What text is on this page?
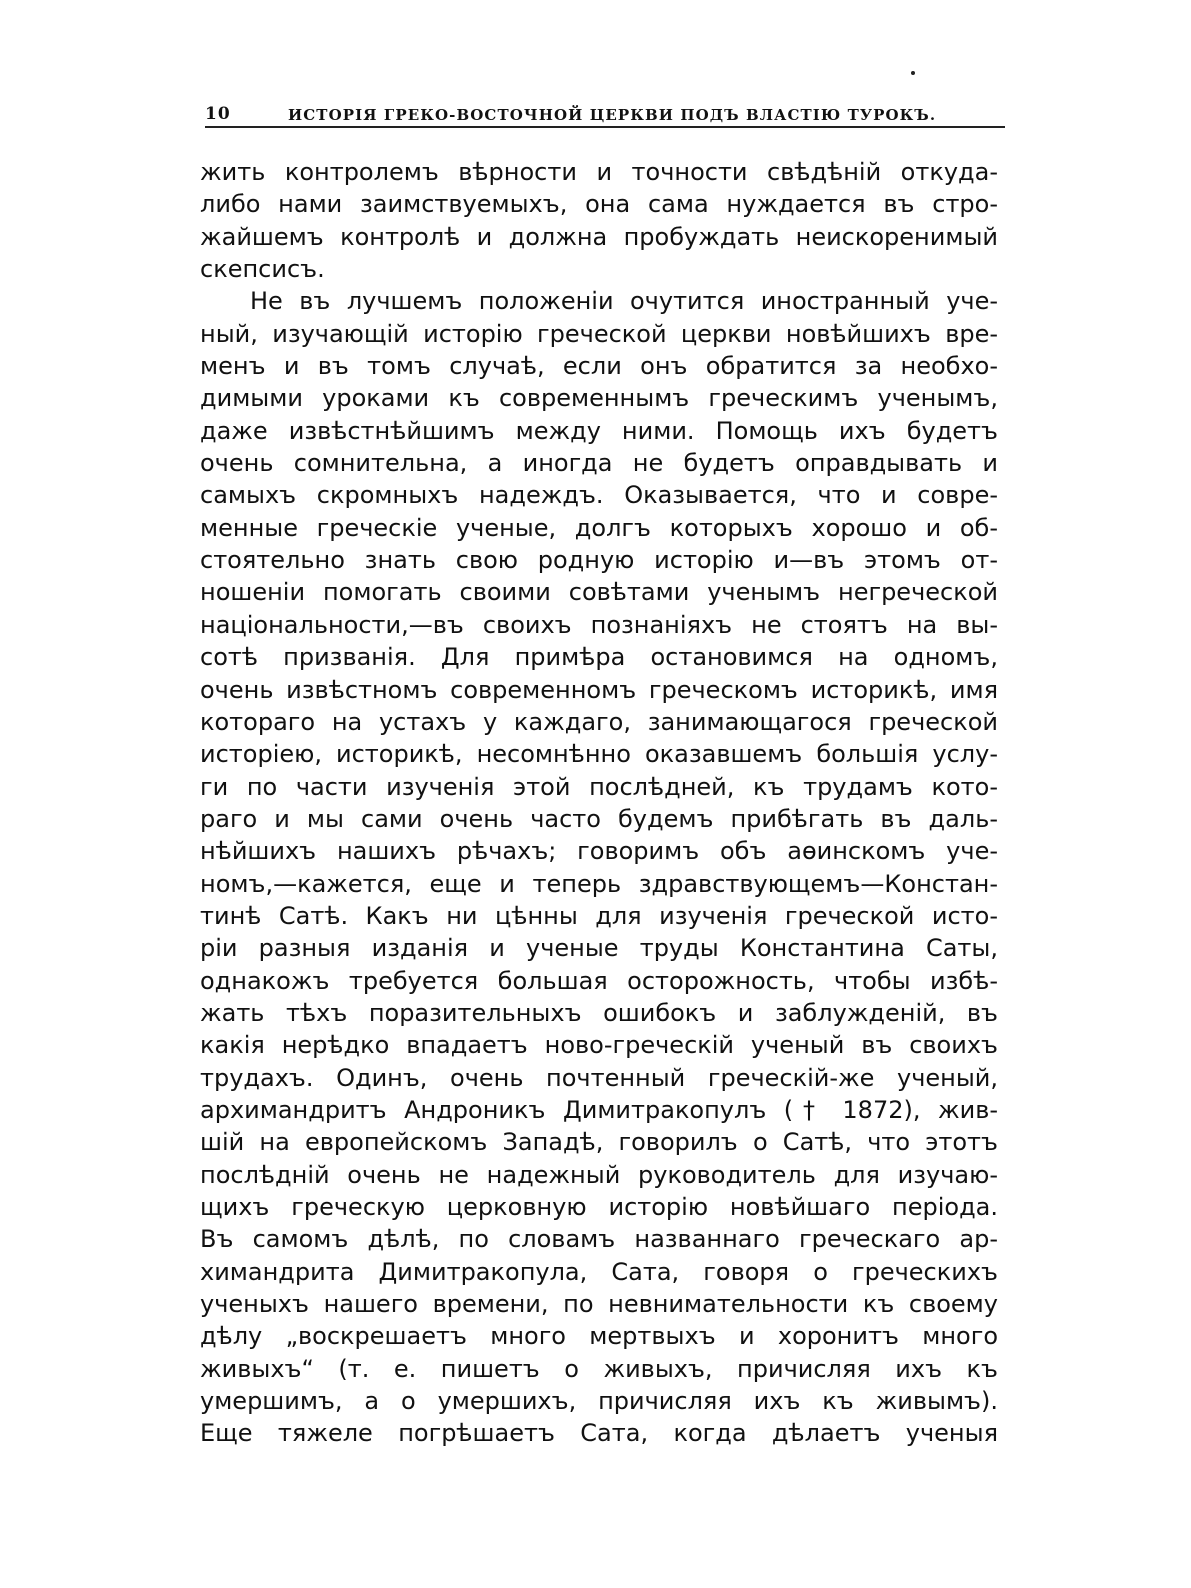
10	ИСТОРІЯ ГРЕКО-ВОСТОЧНОЙ ЦЕРКВИ ПОДЪ ВЛАСТІЮ ТУРОКЪ.
жить контролемъ вѣрности и точности свѣдѣній откуда-
либо нами заимствуемыхъ, она сама нуждается въ стро-
жайшемъ контролѣ и должна пробуждать неискоренимый
скепсисъ.
Не въ лучшемъ положеніи очутится иностранный уче-
ный, изучающій исторію греческой церкви новѣйшихъ вре-
менъ и въ томъ случаѣ, если онъ обратится за необхо-
димыми уроками къ современнымъ греческимъ ученымъ,
даже извѣстнѣйшимъ между ними. Помощь ихъ будетъ
очень сомнительна, а иногда не будетъ оправдывать и
самыхъ скромныхъ надеждъ. Оказывается, что и совре-
менные греческіе ученые, долгъ которыхъ хорошо и об-
стоятельно знать свою родную исторію и—въ этомъ от-
ношеніи помогать своими совѣтами ученымъ негреческой
національности,—въ своихъ познаніяхъ не стоятъ на вы-
сотѣ призванія. Для примѣра остановимся на одномъ,
очень извѣстномъ современномъ греческомъ историкѣ, имя
котораго на устахъ у каждаго, занимающагося греческой
исторіею, историкѣ, несомнѣнно оказавшемъ большія услу-
ги по части изученія этой послѣдней, къ трудамъ кото-
раго и мы сами очень часто будемъ прибѣгать въ даль-
нѣйшихъ нашихъ рѣчахъ; говоримъ объ аѳинскомъ уче-
номъ,—кажется, еще и теперь здравствующемъ—Констан-
тинѣ Сатѣ. Какъ ни цѣнны для изученія греческой исто-
ріи разныя изданія и ученые труды Константина Саты,
однакожъ требуется большая осторожность, чтобы избѣ-
жать тѣхъ поразительныхъ ошибокъ и заблужденій, въ
какія нерѣдко впадаетъ ново-греческій ученый въ своихъ
трудахъ. Одинъ, очень почтенный греческій-же ученый,
архимандритъ Андроникъ Димитракопулъ († 1872), жив-
шій на европейскомъ Западѣ, говорилъ о Сатѣ, что этотъ
послѣдній очень не надежный руководитель для изучаю-
щихъ греческую церковную исторію новѣйшаго періода.
Въ самомъ дѣлѣ, по словамъ названнаго греческаго ар-
химандрита Димитракопула, Сата, говоря о греческихъ
ученыхъ нашего времени, по невнимательности къ своему
дѣлу „воскрешаетъ много мертвыхъ и хоронитъ много
живыхъ“ (т. е. пишетъ о живыхъ, причисляя ихъ къ
умершимъ, а о умершихъ, причисляя ихъ къ живымъ).
Еще тяжеле погрѣшаетъ Сата, когда дѣлаетъ ученыя
